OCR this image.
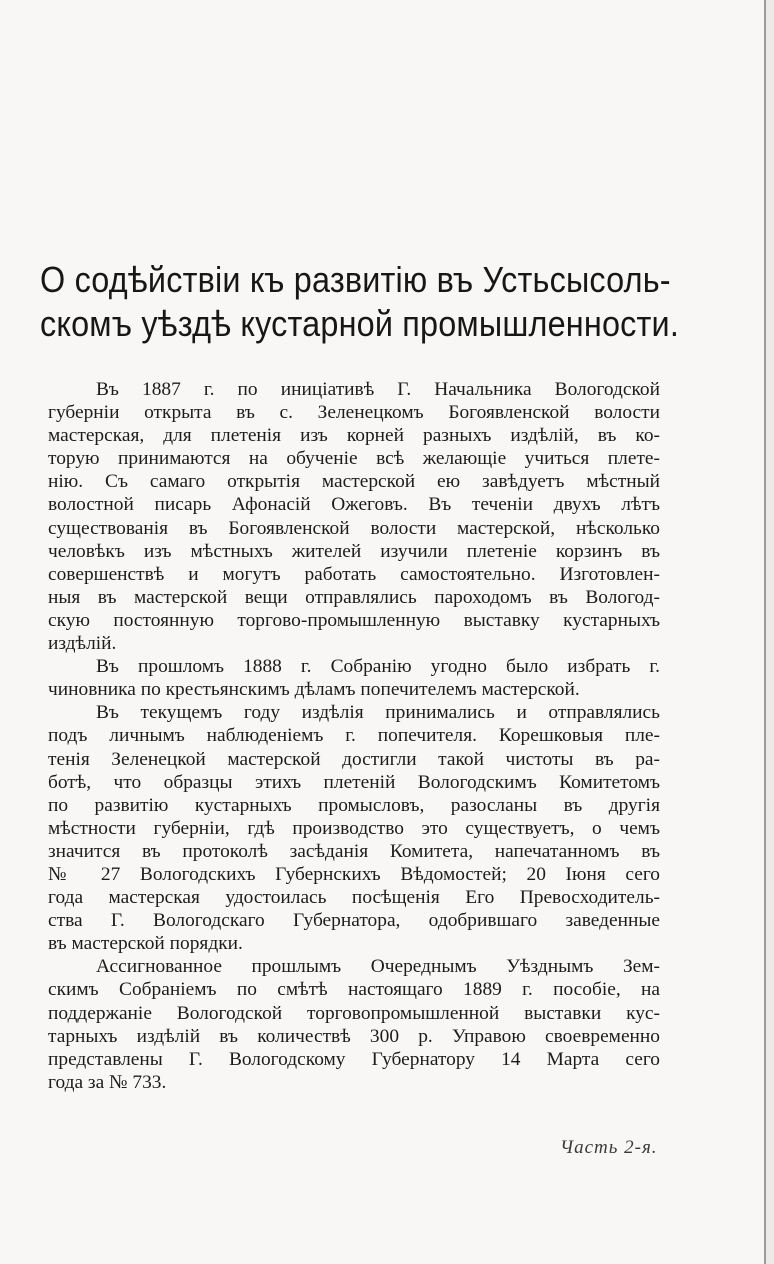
О содѣйствіи къ развитію въ Устьсысоль-
скомъ уѣздѣ кустарной промышленности.
Въ 1887 г. по иниціативѣ Г. Начальника Вологодской
губерніи открыта въ с. Зеленецкомъ Богоявленской волости
мастерская, для плетенія изъ корней разныхъ издѣлій, въ ко-
торую принимаются на обученіе всѣ желающіе учиться плете-
нію. Съ самаго открытія мастерской ею завѣдуетъ мѣстный
волостной писарь Афонасій Ожеговъ. Въ теченіи двухъ лѣтъ
существованія въ Богоявленской волости мастерской, нѣсколько
человѣкъ изъ мѣстныхъ жителей изучили плетеніе корзинъ въ
совершенствѣ и могутъ работать самостоятельно. Изготовлен-
ныя въ мастерской вещи отправлялись пароходомъ въ Вологод-
скую постоянную торгово-промышленную выставку кустарныхъ
издѣлій.
Въ прошломъ 1888 г. Собранію угодно было избрать г.
чиновника по крестьянскимъ дѣламъ попечителемъ мастерской.
Въ текущемъ году издѣлія принимались и отправлялись
подъ личнымъ наблюденіемъ г. попечителя. Корешковыя пле-
тенія Зеленецкой мастерской достигли такой чистоты въ ра-
ботѣ, что образцы этихъ плетеній Вологодскимъ Комитетомъ
по развитію кустарныхъ промысловъ, разосланы въ другія
мѣстности губерніи, гдѣ производство это существуетъ, о чемъ
значится въ протоколѣ засѣданія Комитета, напечатанномъ въ
№ 27 Вологодскихъ Губернскихъ Вѣдомостей; 20 Іюня сего
года мастерская удостоилась посѣщенія Его Превосходитель-
ства Г. Вологодскаго Губернатора, одобрившаго заведенные
въ мастерской порядки.
Ассигнованное прошлымъ Очереднымъ Уѣзднымъ Зем-
скимъ Собраніемъ по смѣтѣ настоящаго 1889 г. пособіе, на
поддержаніе Вологодской торговопромышленной выставки кус-
тарныхъ издѣлій въ количествѣ 300 р. Управою своевременно
представлены Г. Вологодскому Губернатору 14 Марта сего
года за № 733.
Часть 2-я.
